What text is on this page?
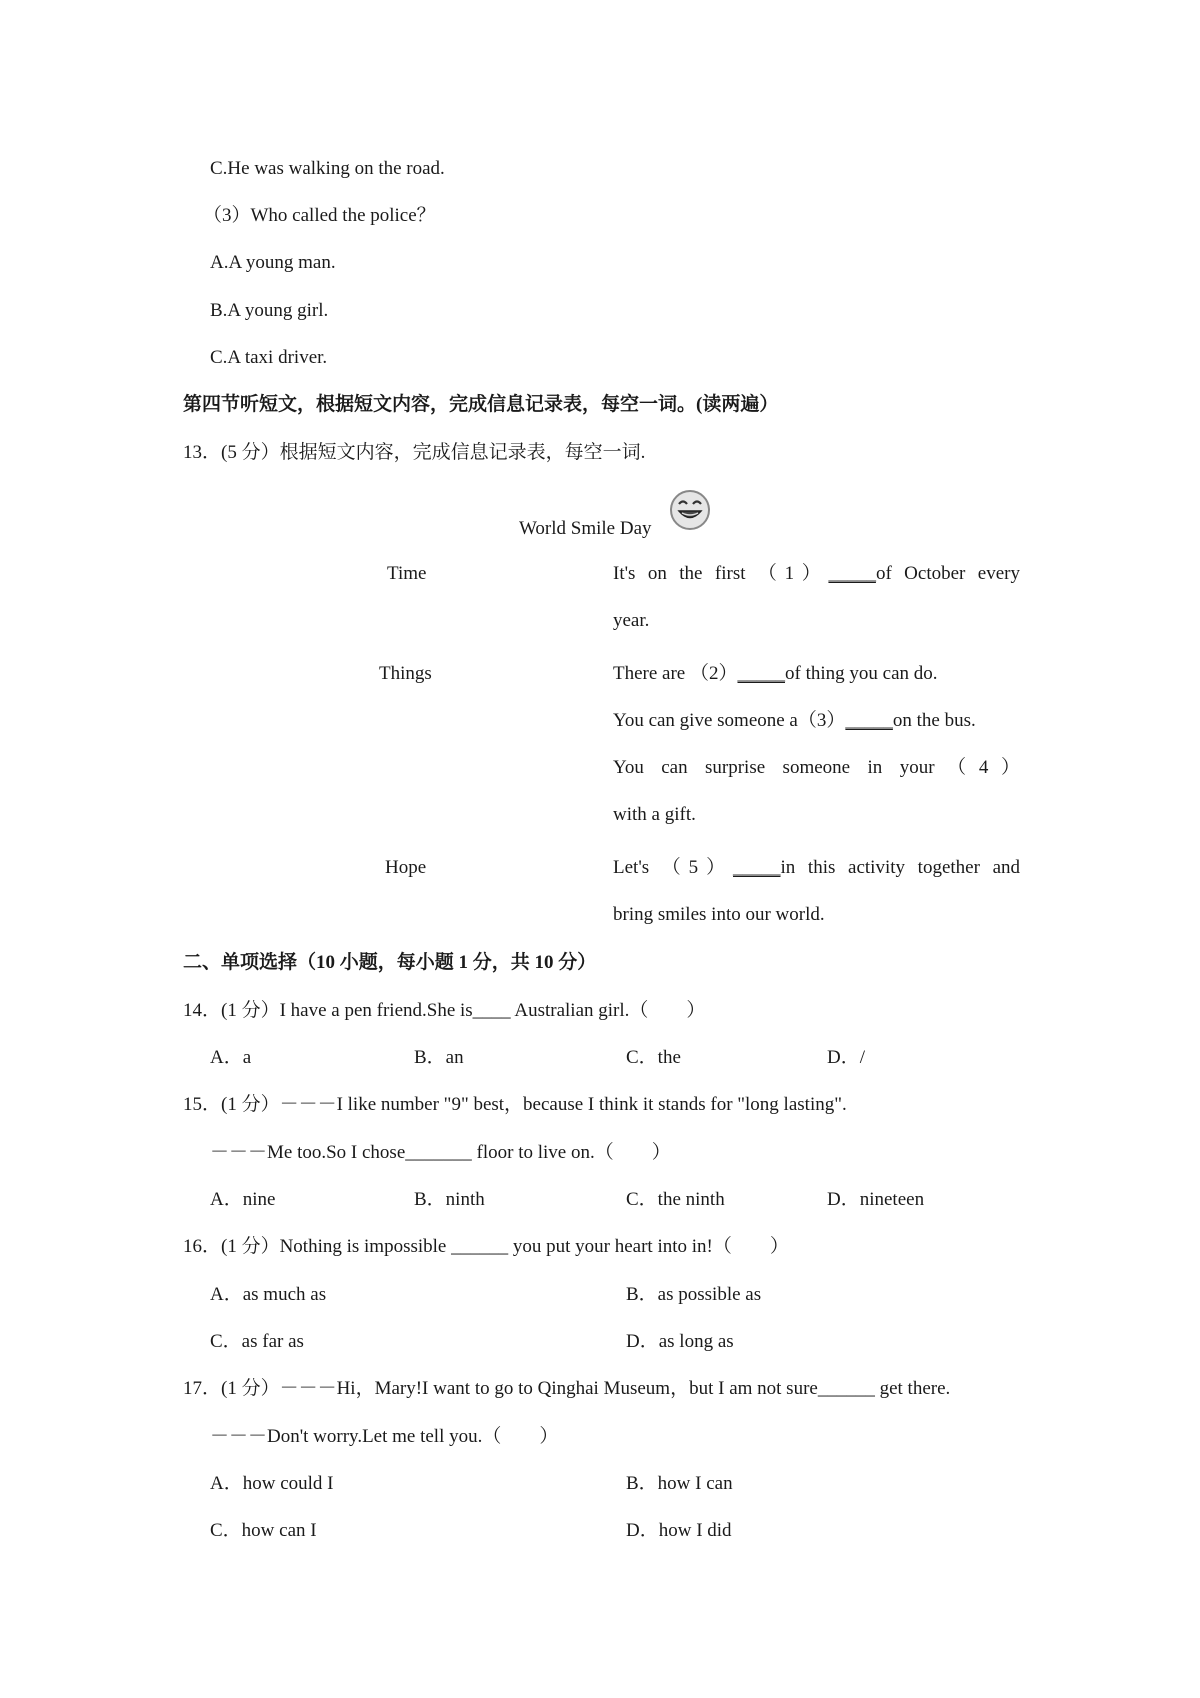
C.He was walking on the road.
（3）Who called the police？
A.A young man.
B.A young girl.
C.A taxi driver.
第四节听短文，根据短文内容，完成信息记录表，每空一词。(读两遍）
13．(5 分）根据短文内容，完成信息记录表，每空一词.
World Smile Day
Time	It's on the first （1）_____of October every
year.
Things	There are （2）_____of thing you can do.
You can give someone a（3）_____on the bus.
You can surprise someone in your（4）
with a gift.
Hope	Let's （5）_____in this activity together and
bring smiles into our world.
二、单项选择（10 小题，每小题 1 分，共 10 分）
14．(1 分）I have a pen friend.She is____ Australian girl.（　　）
A．a	B．an	C．the	D．/
15．(1 分）－－－I like number "9" best，because I think it stands for "long lasting".
－－－Me too.So I chose_______ floor to live on.（　　）
A．nine	B．ninth	C．the ninth	D．nineteen
16．(1 分）Nothing is impossible ______ you put your heart into in!（　　）
A．as much as	B．as possible as
C．as far as	D．as long as
17．(1 分）－－－Hi，Mary!I want to go to Qinghai Museum，but I am not sure______ get there.
－－－Don't worry.Let me tell you.（　　）
A．how could I	B．how I can
C．how can I	D．how I did
